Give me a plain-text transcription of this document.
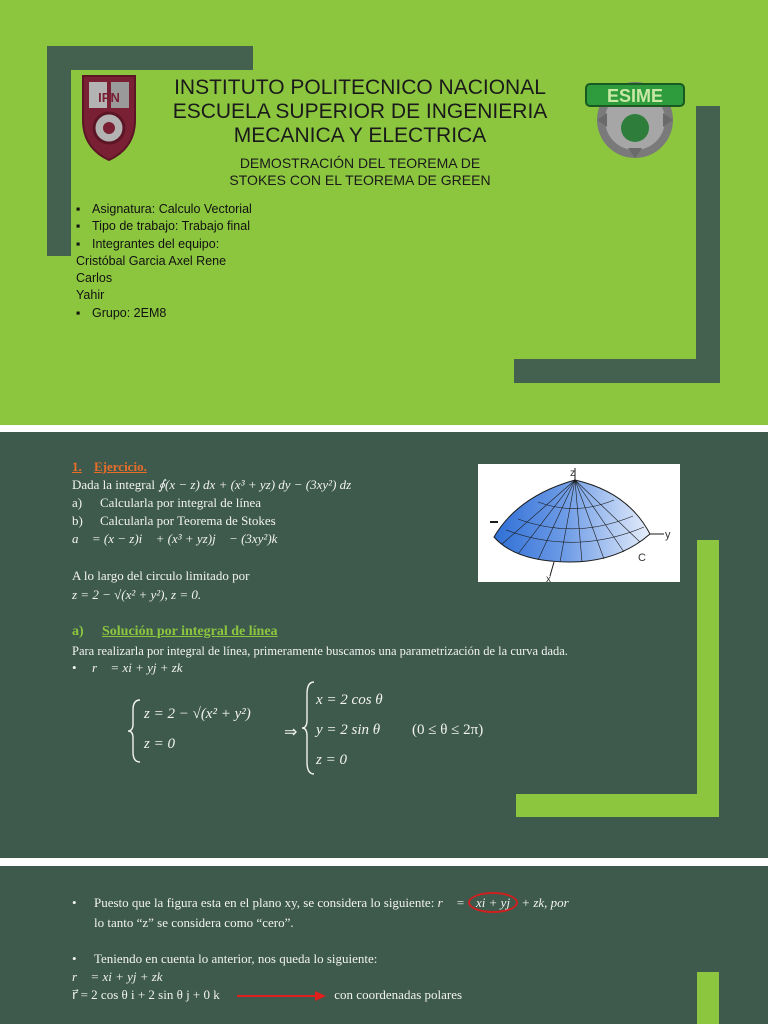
IPN	ESIME
INSTITUTO POLITECNICO NACIONAL
ESCUELA SUPERIOR DE INGENIERIA
MECANICA Y ELECTRICA
DEMOSTRACIÓN DEL TEOREMA DE
STOKES CON EL TEOREMA DE GREEN
▪ Asignatura: Calculo Vectorial
▪ Tipo de trabajo: Trabajo final
▪ Integrantes del equipo:
Cristóbal Garcia Axel Rene
Carlos
Yahir
▪ Grupo: 2EM8
1. Ejercicio.
Dada la integral ∮(x − z) dx + (x³ + yz) dy − (3xy²) dz
a) Calcularla por integral de línea
b) Calcularla por Teorema de Stokes
a⃗ = (x − z)i⃗ + (x³ + yz)j⃗ − (3xy²)k⃗
A lo largo del circulo limitado por
z = 2 − √(x² + y²), z = 0.
z
y
x
C
a) Solución por integral de línea
Para realizarla por integral de línea, primeramente buscamos una parametrización de la curva dada.
• r⃗ = xi + yj + zk
z = 2 − √(x² + y²)
z = 0
⇒
x = 2 cos θ
y = 2 sin θ (0 ≤ θ ≤ 2π)
z = 0
• Puesto que la figura esta en el plano xy, se considera lo siguiente: r⃗ = xi + yj + zk, por
lo tanto “z” se considera como “cero”.
• Teniendo en cuenta lo anterior, nos queda lo siguiente:
r⃗ = xi + yj + zk
r⃗ = 2 cos θ i + 2 sin θ j + 0 k	con coordenadas polares
